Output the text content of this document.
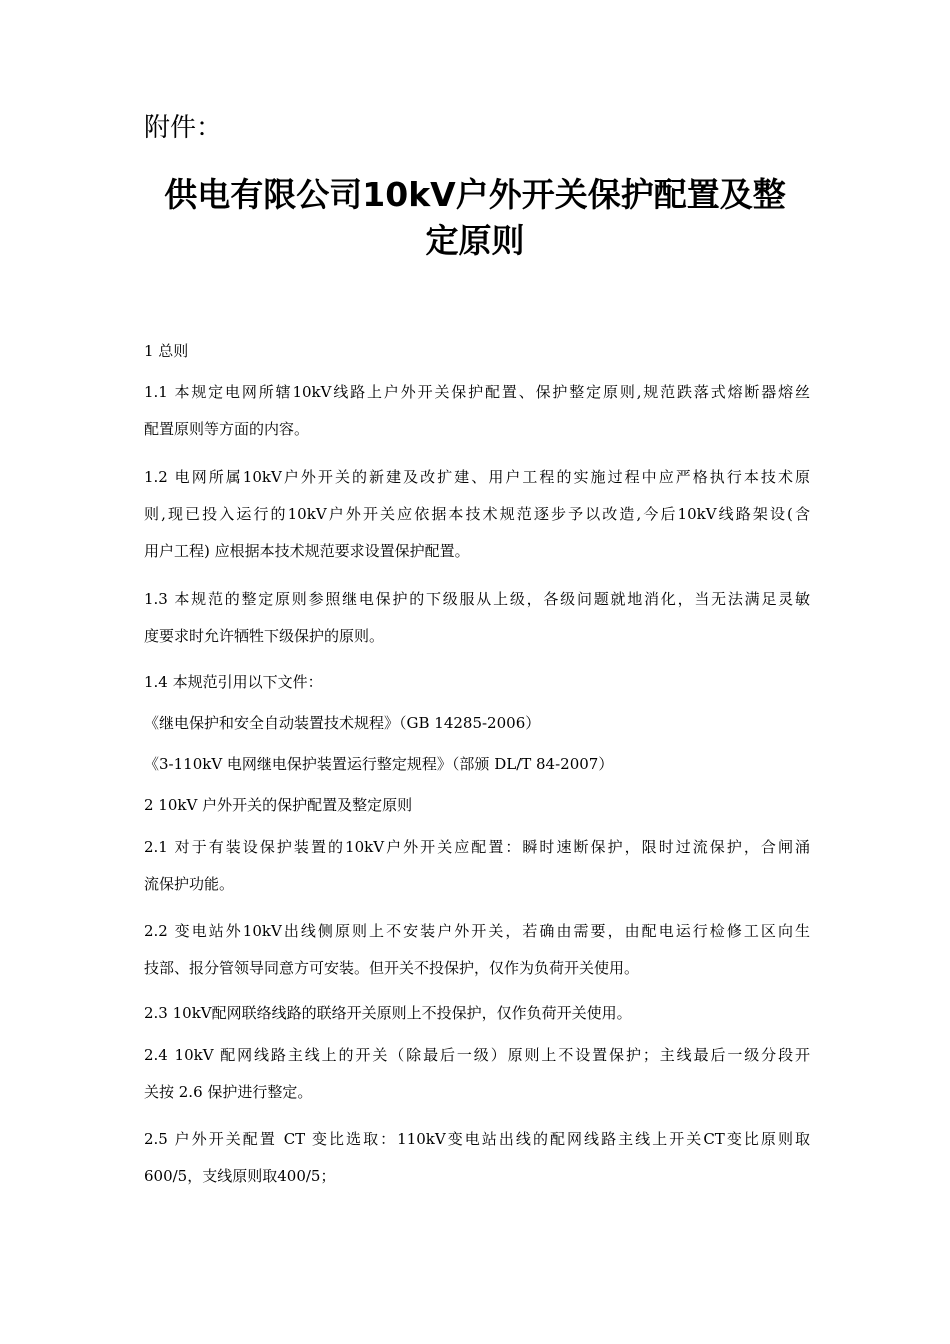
附件：
供电有限公司10kV户外开关保护配置及整
定原则

1 总则

1.1 本规定电网所辖10kV线路上户外开关保护配置、保护整定原则,规范跌落式熔断器熔丝
配置原则等方面的内容。

1.2 电网所属10kV户外开关的新建及改扩建、用户工程的实施过程中应严格执行本技术原
则,现已投入运行的10kV户外开关应依据本技术规范逐步予以改造,今后10kV线路架设(含
用户工程) 应根据本技术规范要求设置保护配置。

1.3 本规范的整定原则参照继电保护的下级服从上级，各级问题就地消化，当无法满足灵敏
度要求时允许牺牲下级保护的原则。

1.4 本规范引用以下文件：

《继电保护和安全自动装置技术规程》（GB 14285-2006）

《3-110kV 电网继电保护装置运行整定规程》（部颁 DL/T 84-2007）

2 10kV 户外开关的保护配置及整定原则

2.1 对于有装设保护装置的10kV户外开关应配置：瞬时速断保护，限时过流保护，合闸涌
流保护功能。

2.2 变电站外10kV出线侧原则上不安装户外开关，若确由需要，由配电运行检修工区向生
技部、报分管领导同意方可安装。但开关不投保护，仅作为负荷开关使用。

2.3 10kV配网联络线路的联络开关原则上不投保护，仅作负荷开关使用。

2.4 10kV 配网线路主线上的开关（除最后一级）原则上不设置保护；主线最后一级分段开
关按 2.6 保护进行整定。

2.5 户外开关配置 CT 变比选取：110kV变电站出线的配网线路主线上开关CT变比原则取
600/5，支线原则取400/5；
